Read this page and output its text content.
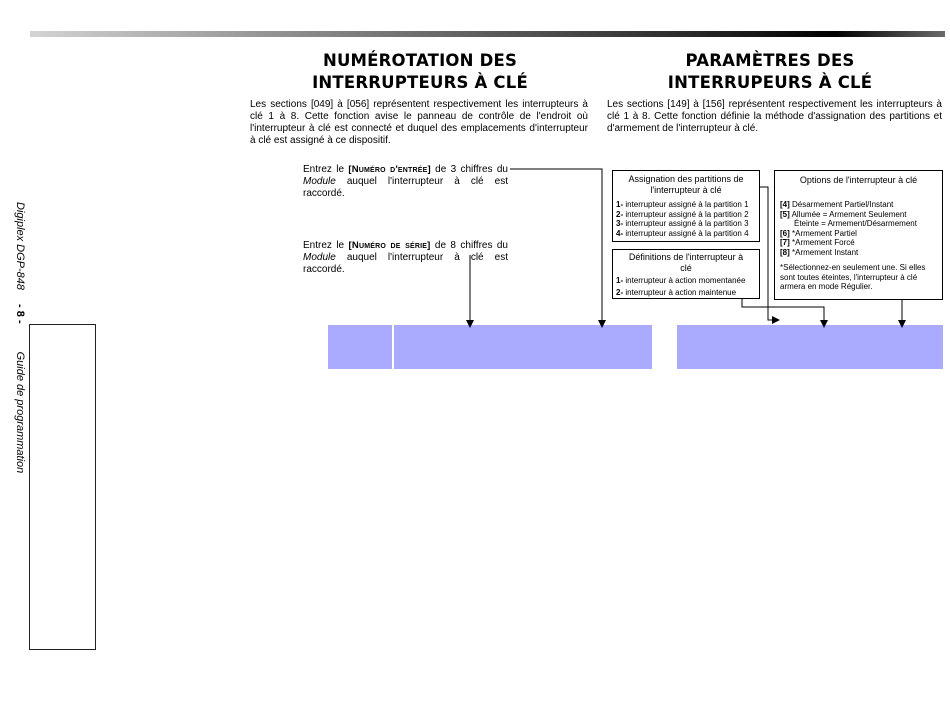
Digiplex DGP-848- 8 -Guide de programmation
NUMÉROTATION DES
INTERRUPTEURS À CLÉ
Les sections [049] à [056] représentent respectivement les interrupteurs à clé 1 à 8. Cette fonction avise le panneau de contrôle de l'endroit où l'interrupteur à clé est connecté et duquel des emplacements d'interrupteur à clé est assigné à ce dispositif.
Entrez le [Numéro d'entrée] de 3 chiffres du Module auquel l'interrupteur à clé est raccordé.
Entrez le [Numéro de série] de 8 chiffres du Module auquel l'interrupteur à clé est raccordé.
PARAMÈTRES DES
INTERRUPEURS À CLÉ
Les sections [149] à [156] représentent respectivement les interrupteurs à clé 1 à 8. Cette fonction définie la méthode d'assignation des partitions et d'armement de l'interrupteur à clé.
Assignation des partitions de l'interrupteur à clé
1- interrupteur assigné à la partition 1
2- interrupteur assigné à la partition 2
3- interrupteur assigné à la partition 3
4- interrupteur assigné à la partition 4
Définitions de l'interrupteur à clé
1- interrupteur à action momentanée
2- interrupteur à action maintenue
Options de l'interrupteur à clé
[4] Désarmement Partiel/Instant
[5] Allumée = Armement Seulement
Éteinte = Armement/Désarmement
[6] *Armement Partiel
[7] *Armement Forcé
[8] *Armement Instant
*Sélectionnez-en seulement une. Si elles sont toutes éteintes, l'interrupteur à clé armera en mode Régulier.
